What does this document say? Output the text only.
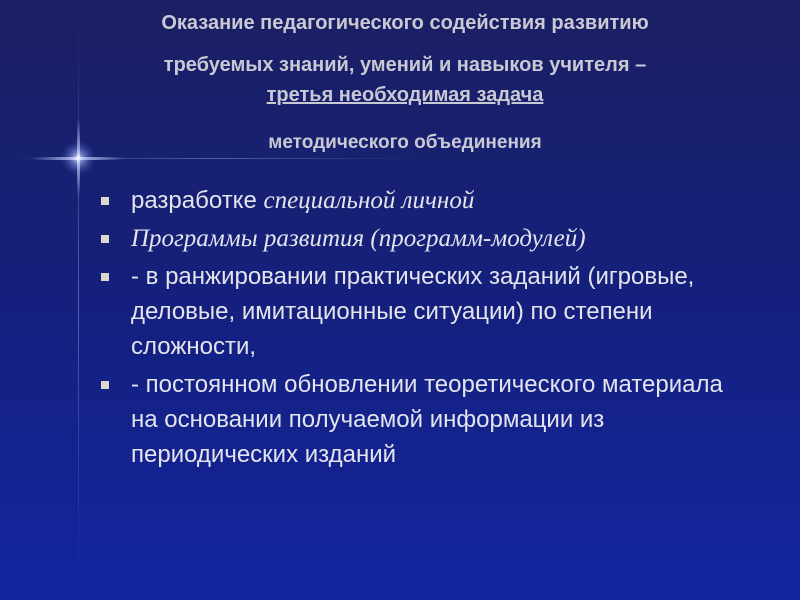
Оказание педагогического содействия развитию
требуемых знаний, умений и навыков учителя –
третья необходимая задача
методического объединения
разработке специальной личной
Программы развития (программ-модулей)
- в ранжировании практических заданий (игровые, деловые, имитационные ситуации) по степени сложности,
- постоянном обновлении теоретического материала на основании получаемой информации из периодических изданий
